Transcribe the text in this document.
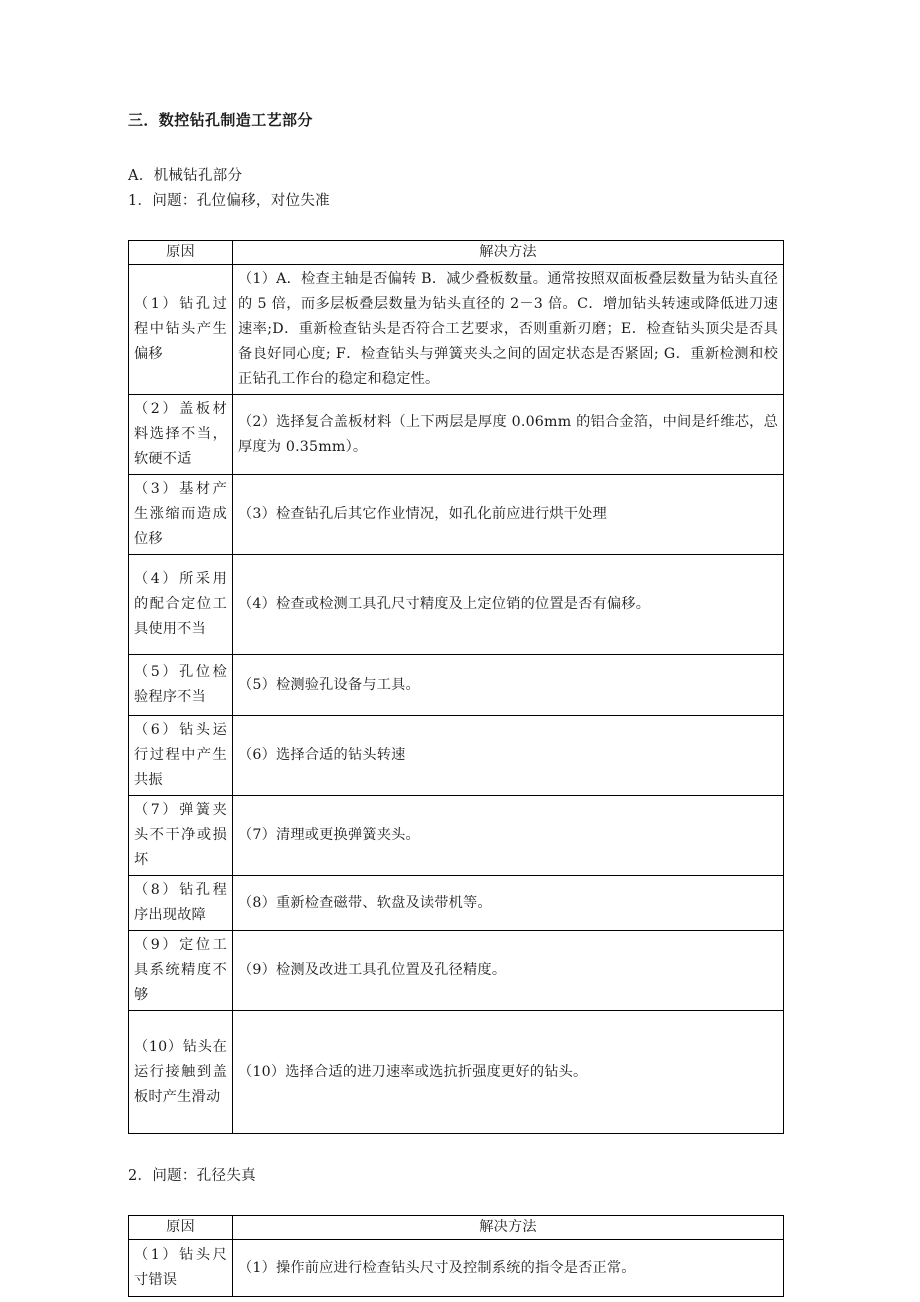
三．数控钻孔制造工艺部分

A．机械钻孔部分

1．问题：孔位偏移，对位失准

原因	解决方法
（1）钻孔过程中钻头产生偏移	（1）A．检查主轴是否偏转 B．减少叠板数量。通常按照双面板叠层数量为钻头直径的 5 倍，而多层板叠层数量为钻头直径的 2－3 倍。C．增加钻头转速或降低进刀速速率;D．重新检查钻头是否符合工艺要求，否则重新刃磨；E．检查钻头顶尖是否具备良好同心度; F．检查钻头与弹簧夹头之间的固定状态是否紧固; G．重新检测和校正钻孔工作台的稳定和稳定性。
（2）盖板材料选择不当，软硬不适	（2）选择复合盖板材料（上下两层是厚度 0.06mm 的铝合金箔，中间是纤维芯，总厚度为 0.35mm）。
（3）基材产生涨缩而造成位移	（3）检查钻孔后其它作业情况，如孔化前应进行烘干处理
（4）所采用的配合定位工具使用不当	（4）检查或检测工具孔尺寸精度及上定位销的位置是否有偏移。
（5）孔位检验程序不当	（5）检测验孔设备与工具。
（6）钻头运行过程中产生共振	（6）选择合适的钻头转速
（7）弹簧夹头不干净或损坏	（7）清理或更换弹簧夹头。
（8）钻孔程序出现故障	（8）重新检查磁带、软盘及读带机等。
（9）定位工具系统精度不够	（9）检测及改进工具孔位置及孔径精度。
（10）钻头在运行接触到盖板时产生滑动	（10）选择合适的进刀速率或选抗折强度更好的钻头。

2．问题：孔径失真

原因	解决方法
（1）钻头尺寸错误	（1）操作前应进行检查钻头尺寸及控制系统的指令是否正常。
